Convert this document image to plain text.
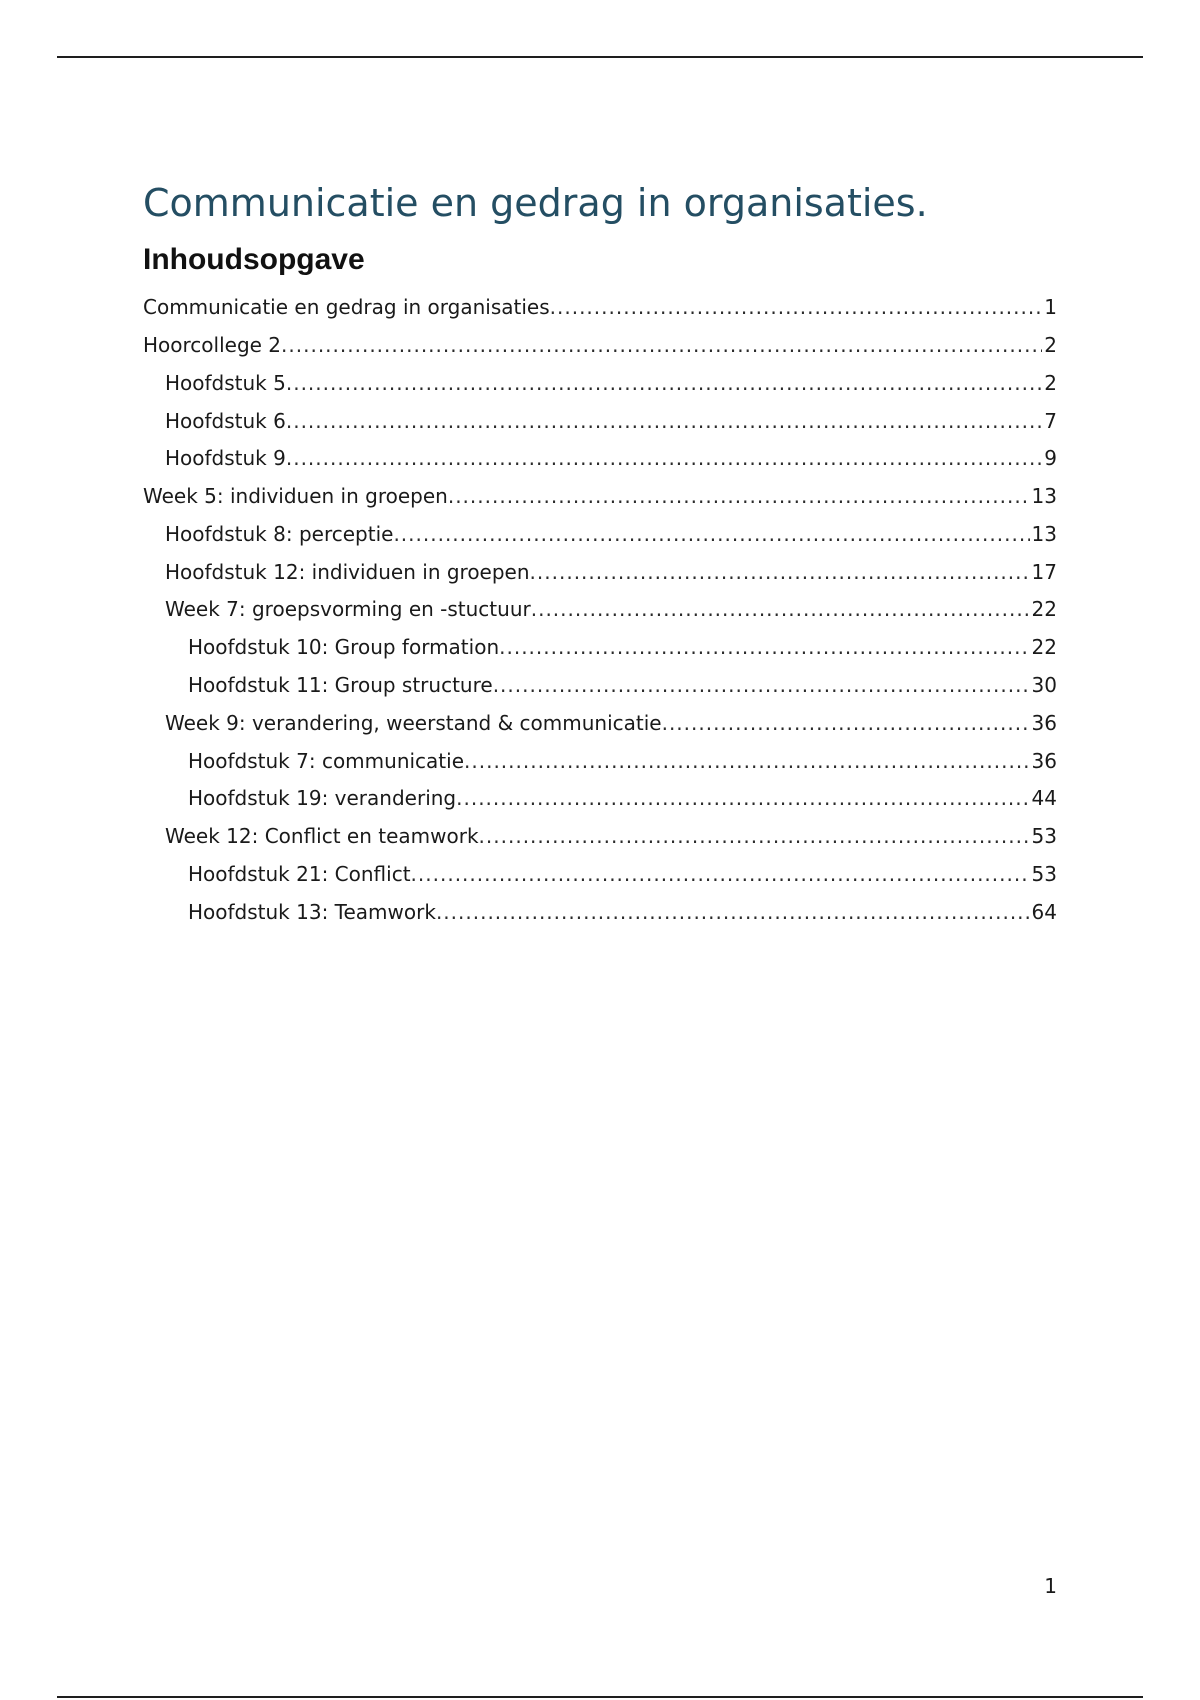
Communicatie en gedrag in organisaties.
Inhoudsopgave
Communicatie en gedrag in organisaties .....	1
Hoorcollege 2 .....	2
Hoofdstuk 5 .....	2
Hoofdstuk 6 .....	7
Hoofdstuk 9 .....	9
Week 5: individuen in groepen .....	13
Hoofdstuk 8: perceptie .....	13
Hoofdstuk 12: individuen in groepen .....	17
Week 7: groepsvorming en -stuctuur .....	22
Hoofdstuk 10: Group formation .....	22
Hoofdstuk 11: Group structure .....	30
Week 9: verandering, weerstand & communicatie .....	36
Hoofdstuk 7: communicatie .....	36
Hoofdstuk 19: verandering .....	44
Week 12: Conflict en teamwork .....	53
Hoofdstuk 21: Conflict .....	53
Hoofdstuk 13: Teamwork .....	64
1
